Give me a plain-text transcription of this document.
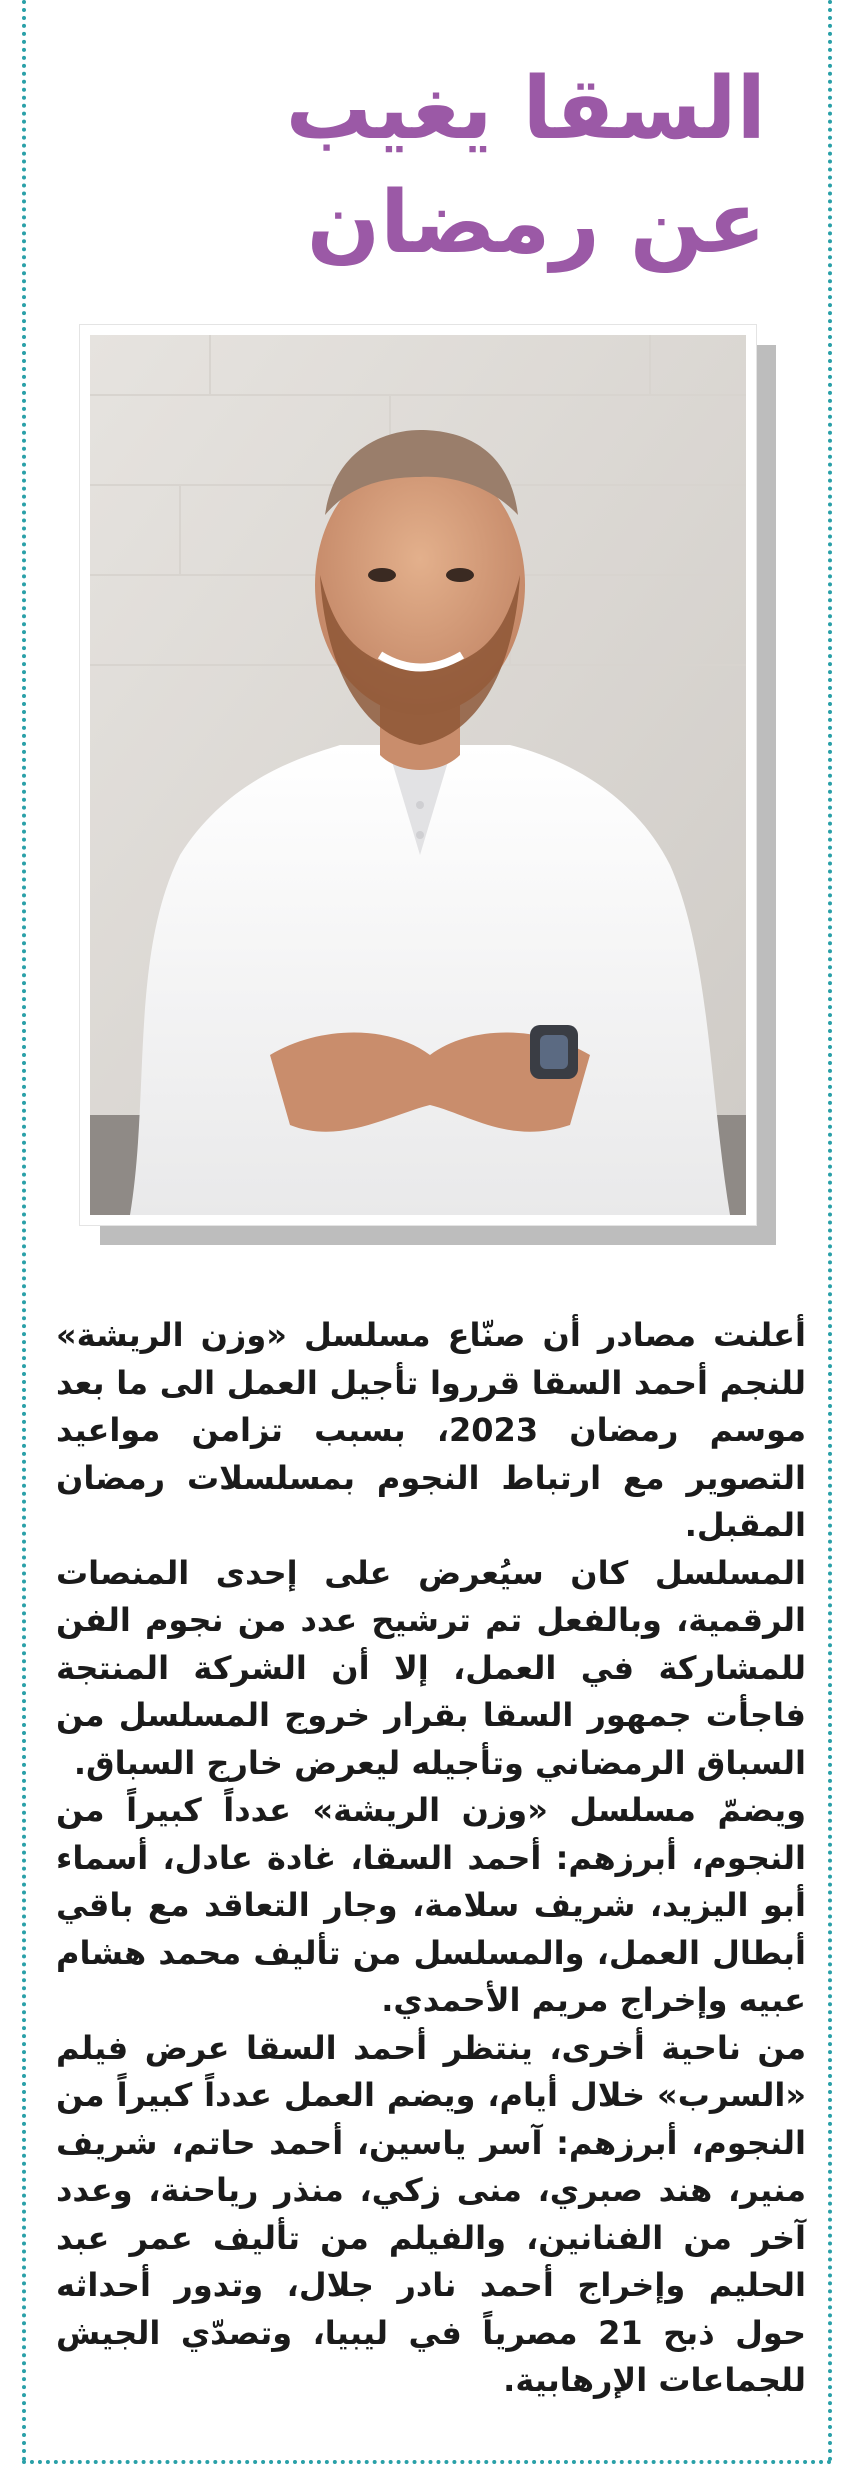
السقا يغيب
عن رمضان

أعلنت مصادر أن صنّاع مسلسل «وزن الريشة» للنجم أحمد السقا قرروا تأجيل العمل الى ما بعد موسم رمضان 2023، بسبب تزامن مواعيد التصوير مع ارتباط النجوم بمسلسلات رمضان المقبل.

المسلسل كان سيُعرض على إحدى المنصات الرقمية، وبالفعل تم ترشيح عدد من نجوم الفن للمشاركة في العمل، إلا أن الشركة المنتجة فاجأت جمهور السقا بقرار خروج المسلسل من السباق الرمضاني وتأجيله ليعرض خارج السباق.

ويضمّ مسلسل «وزن الريشة» عدداً كبيراً من النجوم، أبرزهم: أحمد السقا، غادة عادل، أسماء أبو اليزيد، شريف سلامة، وجار التعاقد مع باقي أبطال العمل، والمسلسل من تأليف محمد هشام عبيه وإخراج مريم الأحمدي.

من ناحية أخرى، ينتظر أحمد السقا عرض فيلم «السرب» خلال أيام، ويضم العمل عدداً كبيراً من النجوم، أبرزهم: آسر ياسين، أحمد حاتم، شريف منير، هند صبري، منى زكي، منذر رياحنة، وعدد آخر من الفنانين، والفيلم من تأليف عمر عبد الحليم وإخراج أحمد نادر جلال، وتدور أحداثه حول ذبح 21 مصرياً في ليبيا، وتصدّي الجيش للجماعات الإرهابية.
